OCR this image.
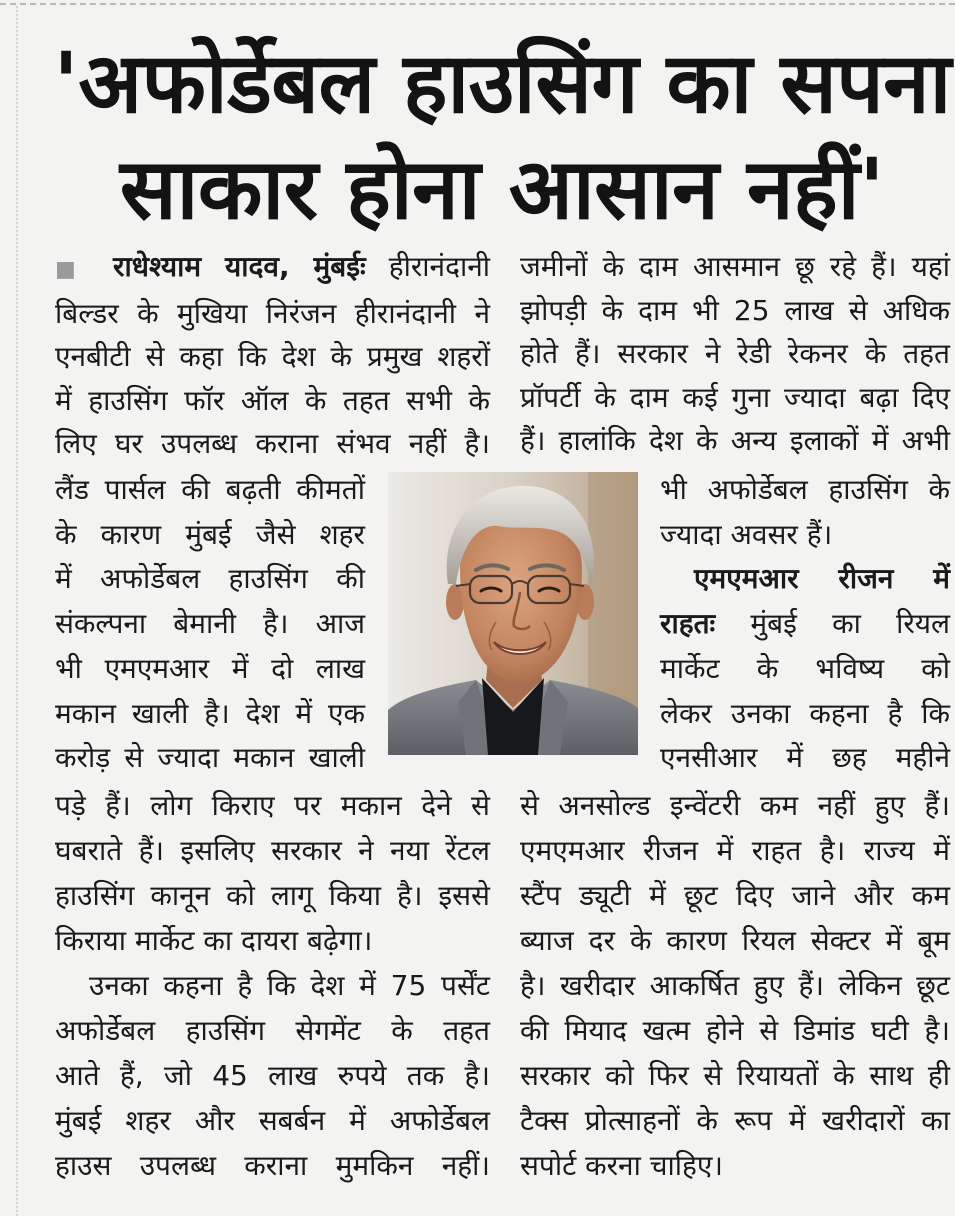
'अफोर्डेबल हाउसिंग का सपना
साकार होना आसान नहीं'
■ राधेश्याम यादव, मुंबईः हीरानंदानी
बिल्डर के मुखिया निरंजन हीरानंदानी ने
एनबीटी से कहा कि देश के प्रमुख शहरों
में हाउसिंग फॉर ऑल के तहत सभी के
लिए घर उपलब्ध कराना संभव नहीं है।
लैंड पार्सल की बढ़ती कीमतों
के कारण मुंबई जैसे शहर
में अफोर्डेबल हाउसिंग की
संकल्पना बेमानी है। आज
भी एमएमआर में दो लाख
मकान खाली है। देश में एक
करोड़ से ज्यादा मकान खाली
पड़े हैं। लोग किराए पर मकान देने से
घबराते हैं। इसलिए सरकार ने नया रेंटल
हाउसिंग कानून को लागू किया है। इससे
किराया मार्केट का दायरा बढ़ेगा।
उनका कहना है कि देश में 75 पर्सेंट
अफोर्डेबल हाउसिंग सेगमेंट के तहत
आते हैं, जो 45 लाख रुपये तक है।
मुंबई शहर और सबर्बन में अफोर्डेबल
हाउस उपलब्ध कराना मुमकिन नहीं।
जमीनों के दाम आसमान छू रहे हैं। यहां
झोपड़ी के दाम भी 25 लाख से अधिक
होते हैं। सरकार ने रेडी रेकनर के तहत
प्रॉपर्टी के दाम कई गुना ज्यादा बढ़ा दिए
हैं। हालांकि देश के अन्य इलाकों में अभी
भी अफोर्डेबल हाउसिंग के
ज्यादा अवसर हैं।
एमएमआर रीजन में
राहतः मुंबई का रियल
मार्केट के भविष्य को
लेकर उनका कहना है कि
एनसीआर में छह महीने
से अनसोल्ड इन्वेंटरी कम नहीं हुए हैं।
एमएमआर रीजन में राहत है। राज्य में
स्टैंप ड्यूटी में छूट दिए जाने और कम
ब्याज दर के कारण रियल सेक्टर में बूम
है। खरीदार आकर्षित हुए हैं। लेकिन छूट
की मियाद खत्म होने से डिमांड घटी है।
सरकार को फिर से रियायतों के साथ ही
टैक्स प्रोत्साहनों के रूप में खरीदारों का
सपोर्ट करना चाहिए।
